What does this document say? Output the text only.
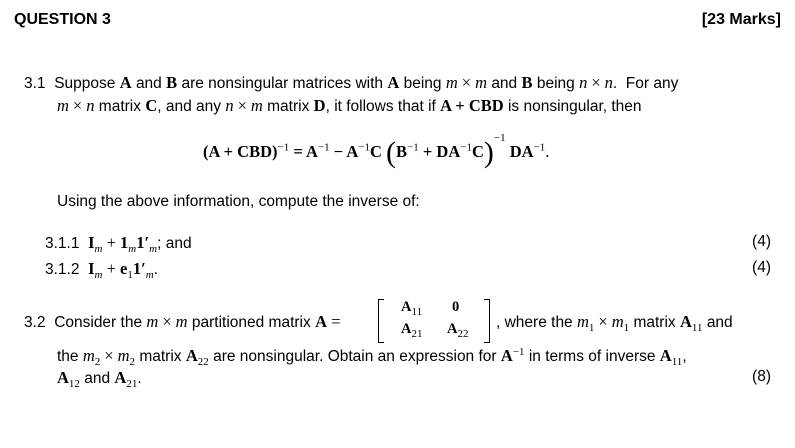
QUESTION 3	[23 Marks]
3.1 Suppose A and B are nonsingular matrices with A being m × m and B being n × n.  For any
m × n matrix C, and any n × m matrix D, it follows that if A + CBD is nonsingular, then
$(A + CBD)^{-1} = A^{-1} - A^{-1}C$ $(B^{-1} + DA^{-1}C)^{-1}$ $DA^{-1}$.
Using the above information, compute the inverse of:
3.1.1 $I_m + 1_m1'_m$; and	(4)
3.1.2 $I_m + e_11'_m$.	(4)
3.2 Consider the m × m partitioned matrix A =
$A_{11}$ 0
$A_{21}$ $A_{22}$
, where the $m_1 \times m_1$ matrix $A_{11}$ and
the $m_2 \times m_2$ matrix $A_{22}$ are nonsingular. Obtain an expression for $A^{-1}$ in terms of inverse $A_{11}$,
$A_{12}$ and $A_{21}$.	(8)
